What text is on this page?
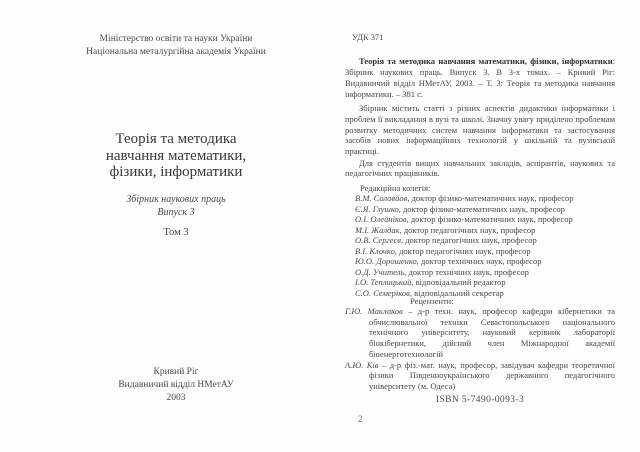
Міністерство освіти та науки України
Національна металургійна академія України
Теорія та методика
навчання математики,
фізики, інформатики
Збірник наукових праць
Випуск 3
Том 3
Кривий Ріг
Видавничий відділ НМетАУ
2003
УДК 371

Теорія та методика навчання математики, фізики, інформатики: Збірник наукових праць. Випуск 3. В 3-х томах. – Кривий Ріг: Видавничий відділ НМетАУ, 2003. – Т. 3: Теорія та методика навчання інформатики. – 381 с.

Збірник містить статті з різних аспектів дидактики інформатики і проблем її викладання в вузі та школі. Значну увагу приділено проблемам розвитку методичних систем навчання інформатики та застосування засобів нових інформаційних технологій у шкільній та вузівській практиці.

Для студентів вищих навчальних закладів, аспірантів, наукових та педагогічних працівників.

Редакційна колегія:
В.М. Соловйов, доктор фізико-математичних наук, професор
Є.Я. Глушко, доктор фізико-математичних наук, професор
О.І. Олейніков, доктор фізико-математичних наук, професор
М.І. Жалдак, доктор педагогічних наук, професор
О.В. Сергеєв, доктор педагогічних наук, професор
В.І. Клочко, доктор педагогічних наук, професор
Ю.О. Дорошенко, доктор технічних наук, професор
О.Д. Учитель, доктор технічних наук, професор
І.О. Теплицький, відповідальний редактор
С.О. Семеріков, відповідальний секретар
Рецензенти:

Г.Ю. Маклаков – д-р техн. наук, професор кафедри кібернетики та обчислювальної техніки Севастопольського національного технічного університету, науковий керівник лабораторії біокібернетики, дійсний член Міжнародної академії біоенерготехнологій

А.Ю. Ків – д-р фіз.-мат. наук, професор, завідувач кафедри теоретичної фізики Південноукраїнського державного педагогічного університету (м. Одеса)

ISBN 5-7490-0093-3
2
